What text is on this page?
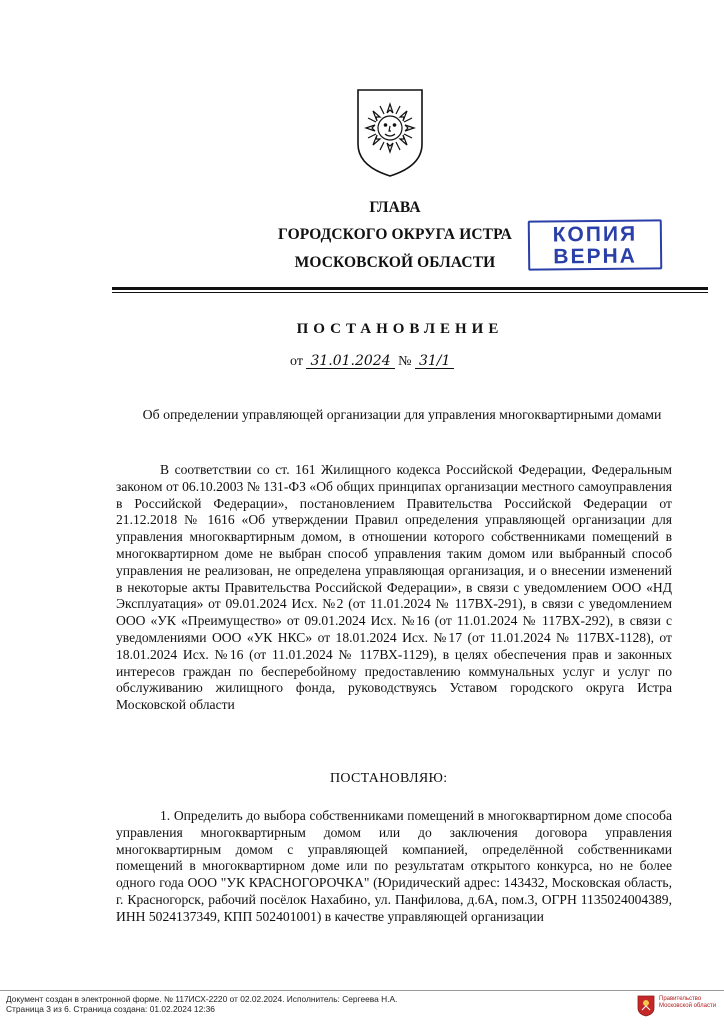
ГЛАВА
ГОРОДСКОГО ОКРУГА ИСТРА
МОСКОВСКОЙ ОБЛАСТИ
КОПИЯ
ВЕРНА
ПОСТАНОВЛЕНИЕ
от 31.01.2024 № 31/1
Об определении управляющей организации для управления многоквартирными домами
В соответствии со ст. 161 Жилищного кодекса Российской Федерации, Федеральным законом от 06.10.2003 № 131-ФЗ «Об общих принципах организации местного самоуправления в Российской Федерации», постановлением Правительства Российской Федерации от 21.12.2018 № 1616 «Об утверждении Правил определения управляющей организации для управления многоквартирным домом, в отношении которого собственниками помещений в многоквартирном доме не выбран способ управления таким домом или выбранный способ управления не реализован, не определена управляющая организация, и о внесении изменений в некоторые акты Правительства Российской Федерации», в связи с уведомлением ООО «НД Эксплуатация» от 09.01.2024 Исх. №2 (от 11.01.2024 № 117ВХ-291), в связи с уведомлением ООО «УК «Преимущество» от 09.01.2024 Исх. №16 (от 11.01.2024 № 117ВХ-292), в связи с уведомлениями ООО «УК НКС» от 18.01.2024 Исх. №17 (от 11.01.2024 № 117ВХ-1128), от 18.01.2024 Исх. №16 (от 11.01.2024 № 117ВХ-1129), в целях обеспечения прав и законных интересов граждан по бесперебойному предоставлению коммунальных услуг и услуг по обслуживанию жилищного фонда, руководствуясь Уставом городского округа Истра Московской области
ПОСТАНОВЛЯЮ:
1. Определить до выбора собственниками помещений в многоквартирном доме способа управления многоквартирным домом или до заключения договора управления многоквартирным домом с управляющей компанией, определённой собственниками помещений в многоквартирном доме или по результатам открытого конкурса, но не более одного года ООО "УК КРАСНОГОРОЧКА" (Юридический адрес: 143432, Московская область, г. Красногорск, рабочий посёлок Нахабино, ул. Панфилова, д.6А, пом.3, ОГРН 1135024004389, ИНН 5024137349, КПП 502401001) в качестве управляющей организации
Документ создан в электронной форме. № 117ИСХ-2220 от 02.02.2024. Исполнитель: Сергеева Н.А.
Страница 3 из 6. Страница создана: 01.02.2024 12:36
Правительство
Московской области
